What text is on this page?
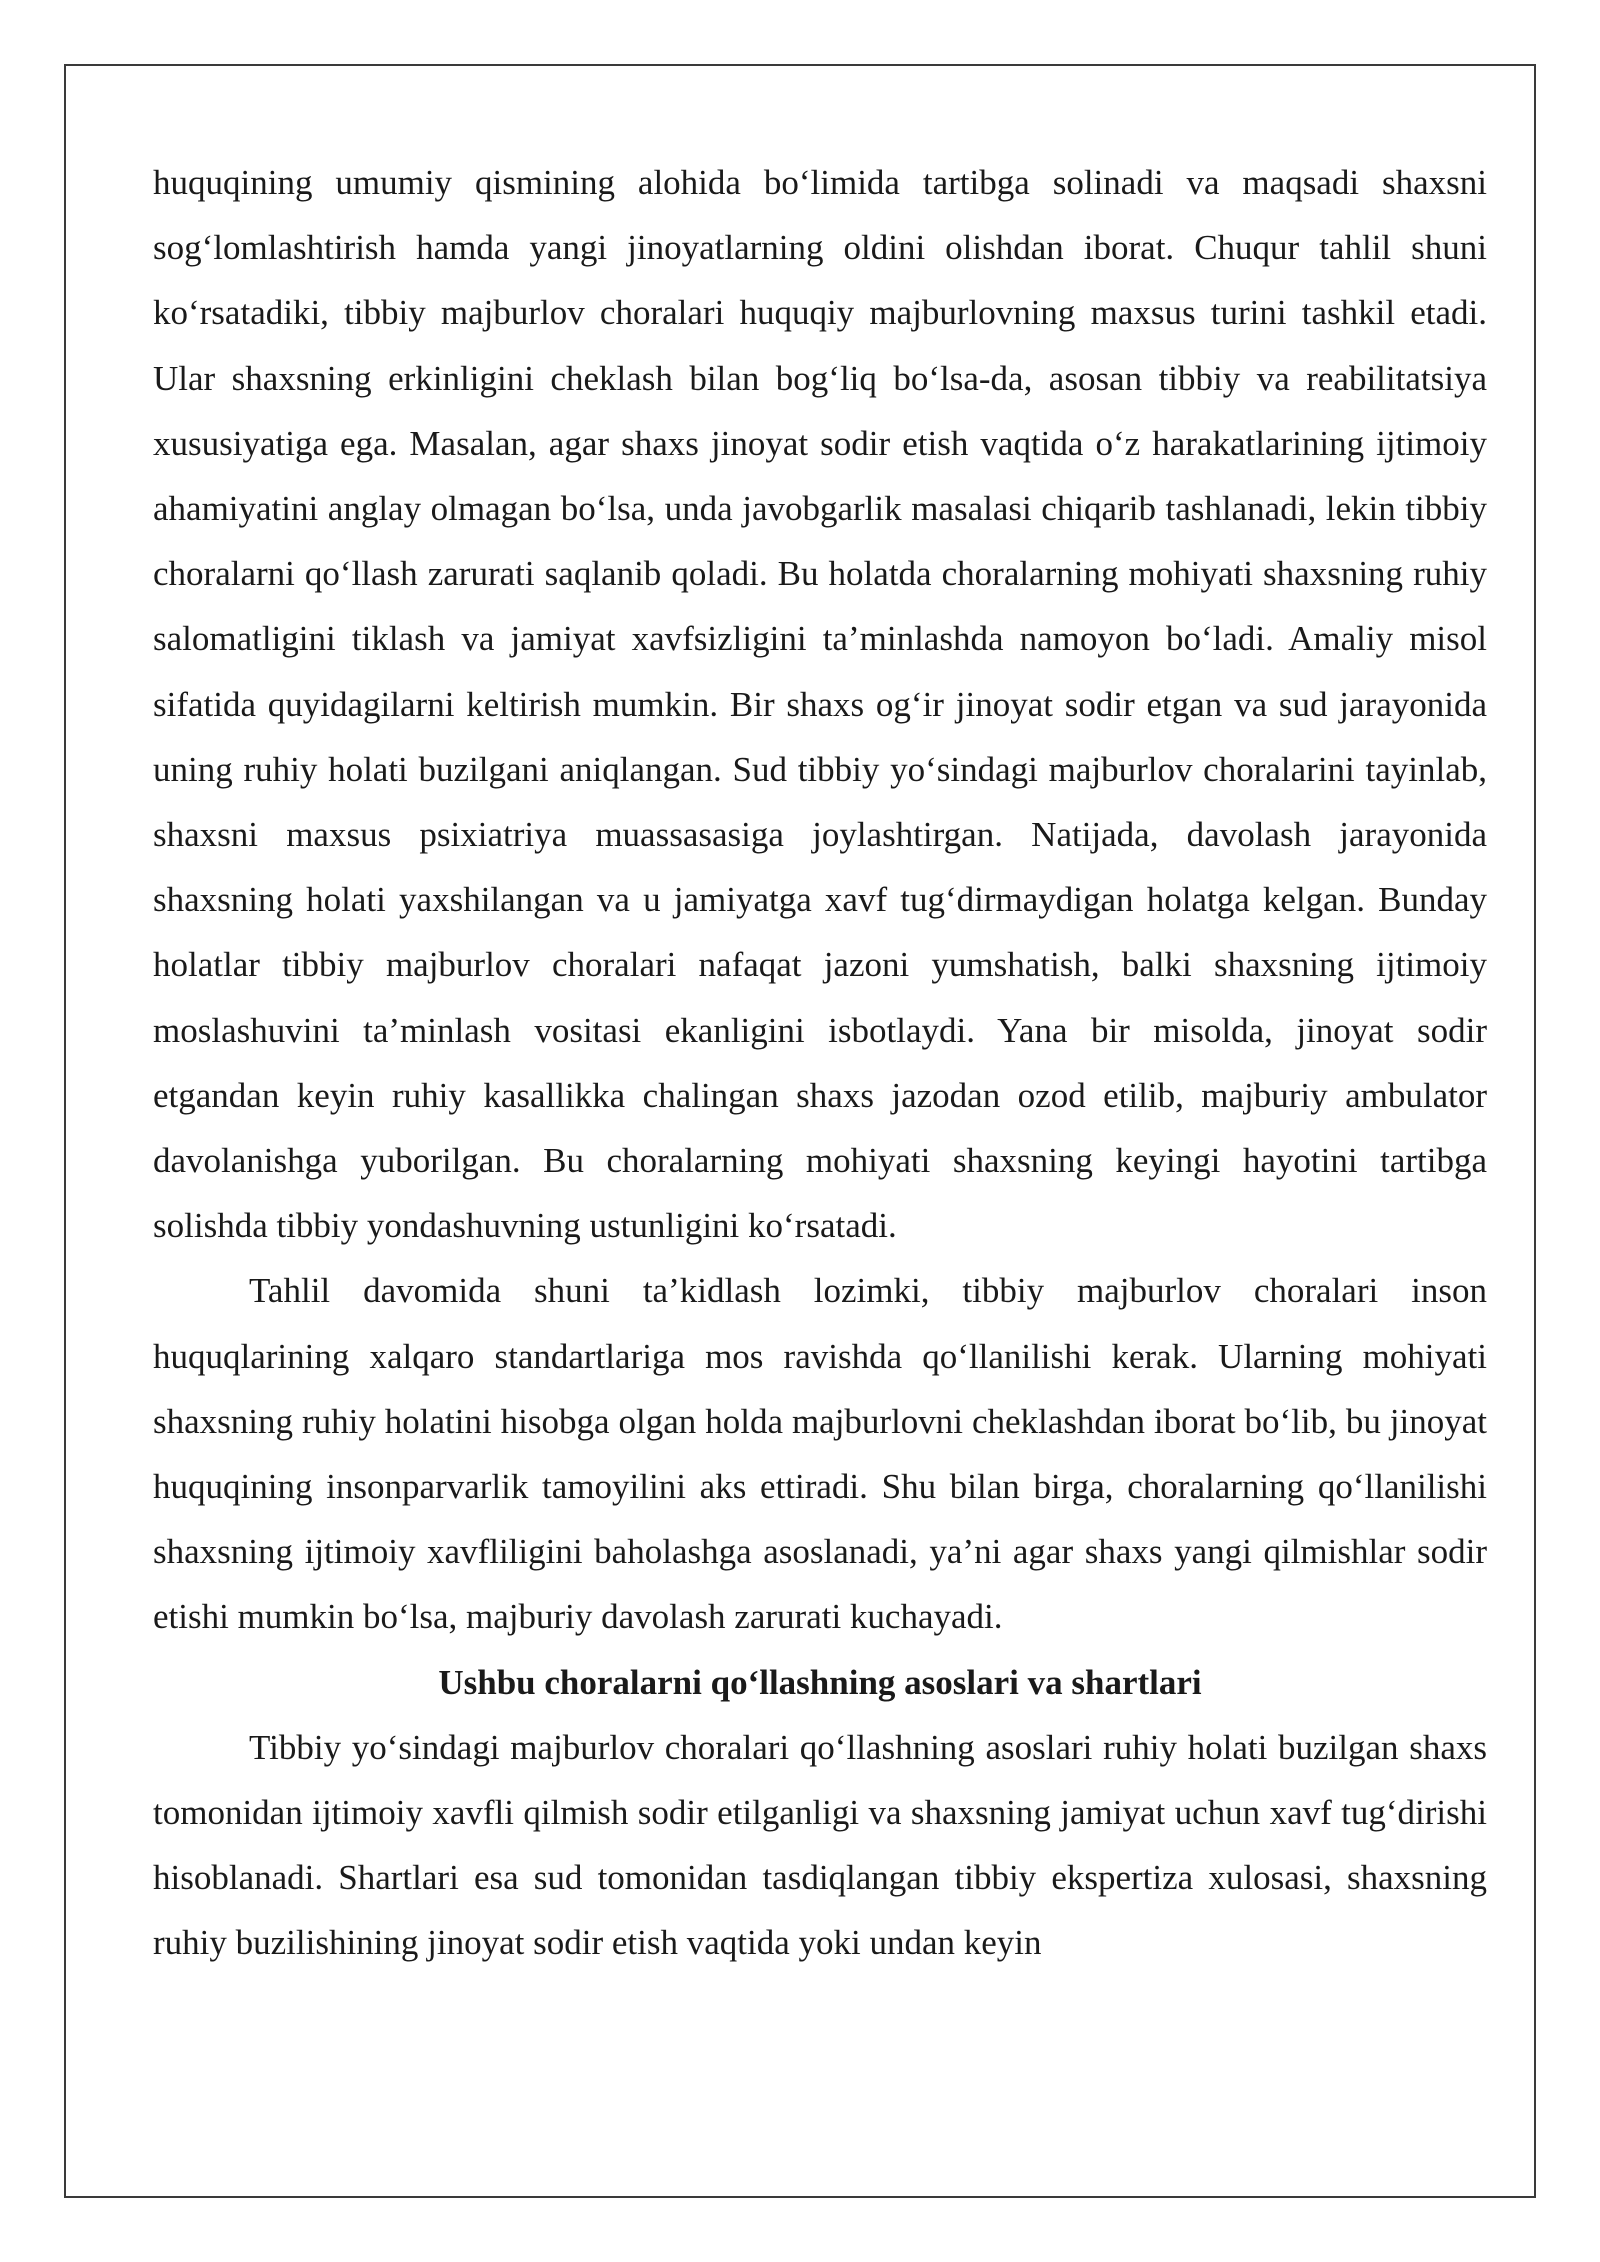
huquqining umumiy qismining alohida bo‘limida tartibga solinadi va maqsadi shaxsni sog‘lomlashtirish hamda yangi jinoyatlarning oldini olishdan iborat. Chuqur tahlil shuni ko‘rsatadiki, tibbiy majburlov choralari huquqiy majburlovning maxsus turini tashkil etadi. Ular shaxsning erkinligini cheklash bilan bog‘liq bo‘lsa-da, asosan tibbiy va reabilitatsiya xususiyatiga ega. Masalan, agar shaxs jinoyat sodir etish vaqtida o‘z harakatlarining ijtimoiy ahamiyatini anglay olmagan bo‘lsa, unda javobgarlik masalasi chiqarib tashlanadi, lekin tibbiy choralarni qo‘llash zarurati saqlanib qoladi. Bu holatda choralarning mohiyati shaxsning ruhiy salomatligini tiklash va jamiyat xavfsizligini ta’minlashda namoyon bo‘ladi. Amaliy misol sifatida quyidagilarni keltirish mumkin. Bir shaxs og‘ir jinoyat sodir etgan va sud jarayonida uning ruhiy holati buzilgani aniqlangan. Sud tibbiy yo‘sindagi majburlov choralarini tayinlab, shaxsni maxsus psixiatriya muassasasiga joylashtirgan. Natijada, davolash jarayonida shaxsning holati yaxshilangan va u jamiyatga xavf tug‘dirmaydigan holatga kelgan. Bunday holatlar tibbiy majburlov choralari nafaqat jazoni yumshatish, balki shaxsning ijtimoiy moslashuvini ta’minlash vositasi ekanligini isbotlaydi. Yana bir misolda, jinoyat sodir etgandan keyin ruhiy kasallikka chalingan shaxs jazodan ozod etilib, majburiy ambulator davolanishga yuborilgan. Bu choralarning mohiyati shaxsning keyingi hayotini tartibga solishda tibbiy yondashuvning ustunligini ko‘rsatadi.

Tahlil davomida shuni ta’kidlash lozimki, tibbiy majburlov choralari inson huquqlarining xalqaro standartlariga mos ravishda qo‘llanilishi kerak. Ularning mohiyati shaxsning ruhiy holatini hisobga olgan holda majburlovni cheklashdan iborat bo‘lib, bu jinoyat huquqining insonparvarlik tamoyilini aks ettiradi. Shu bilan birga, choralarning qo‘llanilishi shaxsning ijtimoiy xavfliligini baholashga asoslanadi, ya’ni agar shaxs yangi qilmishlar sodir etishi mumkin bo‘lsa, majburiy davolash zarurati kuchayadi.

Ushbu choralarni qo‘llashning asoslari va shartlari

Tibbiy yo‘sindagi majburlov choralari qo‘llashning asoslari ruhiy holati buzilgan shaxs tomonidan ijtimoiy xavfli qilmish sodir etilganligi va shaxsning jamiyat uchun xavf tug‘dirishi hisoblanadi. Shartlari esa sud tomonidan tasdiqlangan tibbiy ekspertiza xulosasi, shaxsning ruhiy buzilishining jinoyat sodir etish vaqtida yoki undan keyin
